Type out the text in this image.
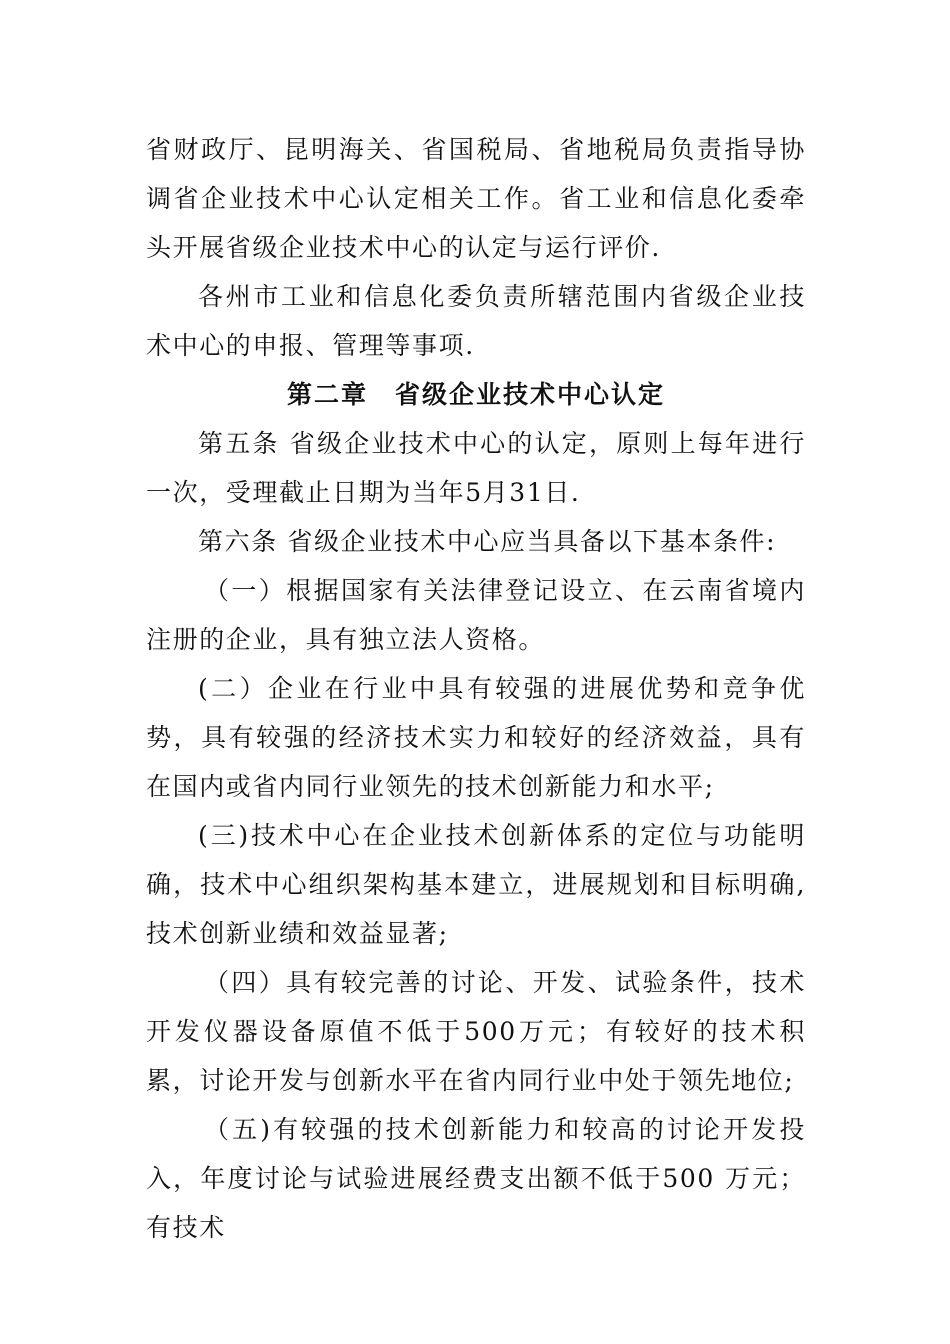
省财政厅、昆明海关、省国税局、省地税局负责指导协调省企业技术中心认定相关工作。省工业和信息化委牵头开展省级企业技术中心的认定与运行评价.

各州市工业和信息化委负责所辖范围内省级企业技术中心的申报、管理等事项.

第二章　省级企业技术中心认定

第五条 省级企业技术中心的认定，原则上每年进行一次，受理截止日期为当年5月31日.

第六条 省级企业技术中心应当具备以下基本条件:

（一）根据国家有关法律登记设立、在云南省境内注册的企业，具有独立法人资格。

(二）企业在行业中具有较强的进展优势和竞争优势，具有较强的经济技术实力和较好的经济效益，具有在国内或省内同行业领先的技术创新能力和水平;

(三)技术中心在企业技术创新体系的定位与功能明确，技术中心组织架构基本建立，进展规划和目标明确,技术创新业绩和效益显著;

（四）具有较完善的讨论、开发、试验条件，技术开发仪器设备原值不低于500万元；有较好的技术积累，讨论开发与创新水平在省内同行业中处于领先地位;

（五)有较强的技术创新能力和较高的讨论开发投入，年度讨论与试验进展经费支出额不低于500 万元；有技术
